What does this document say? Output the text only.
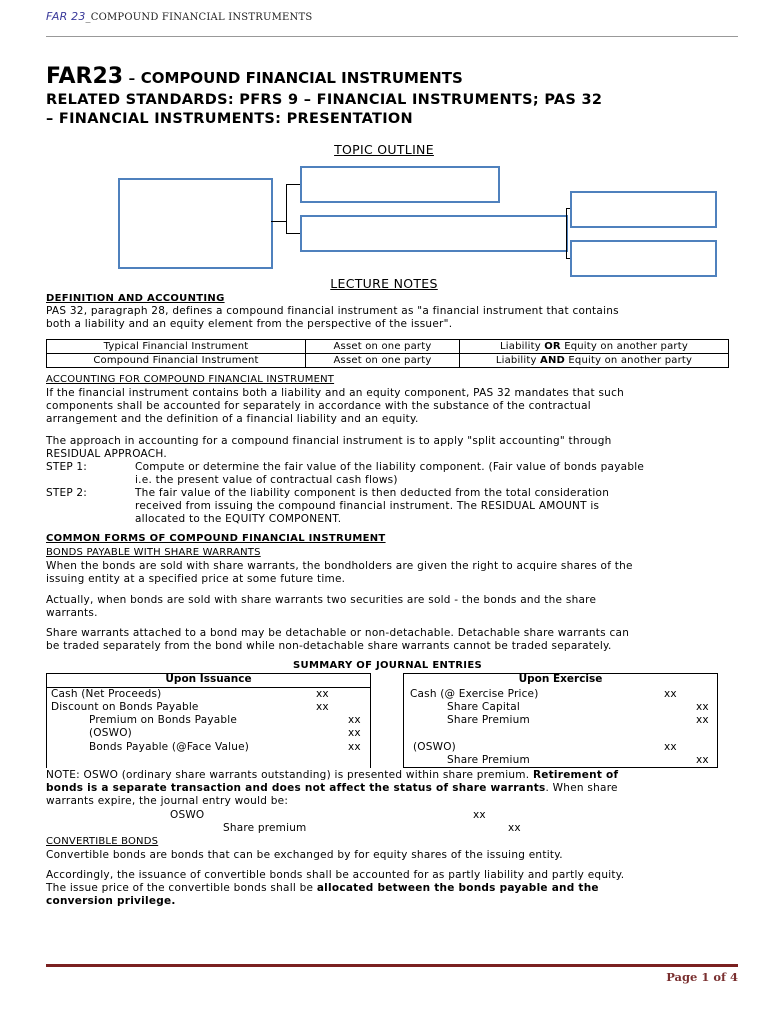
FAR 23_COMPOUND FINANCIAL INSTRUMENTS
FAR23 – COMPOUND FINANCIAL INSTRUMENTS
RELATED STANDARDS: PFRS 9 – FINANCIAL INSTRUMENTS; PAS 32
– FINANCIAL INSTRUMENTS: PRESENTATION
TOPIC OUTLINE
LECTURE NOTES
DEFINITION AND ACCOUNTING
PAS 32, paragraph 28, defines a compound financial instrument as "a financial instrument that contains
both a liability and an equity element from the perspective of the issuer".
Typical Financial Instrument	Asset on one party	Liability OR Equity on another party
Compound Financial Instrument	Asset on one party	Liability AND Equity on another party
ACCOUNTING FOR COMPOUND FINANCIAL INSTRUMENT
If the financial instrument contains both a liability and an equity component, PAS 32 mandates that such
components shall be accounted for separately in accordance with the substance of the contractual
arrangement and the definition of a financial liability and an equity.
The approach in accounting for a compound financial instrument is to apply "split accounting" through
RESIDUAL APPROACH.
STEP 1:	Compute or determine the fair value of the liability component. (Fair value of bonds payable
i.e. the present value of contractual cash flows)
STEP 2:	The fair value of the liability component is then deducted from the total consideration
received from issuing the compound financial instrument. The RESIDUAL AMOUNT is
allocated to the EQUITY COMPONENT.
COMMON FORMS OF COMPOUND FINANCIAL INSTRUMENT
BONDS PAYABLE WITH SHARE WARRANTS
When the bonds are sold with share warrants, the bondholders are given the right to acquire shares of the
issuing entity at a specified price at some future time.
Actually, when bonds are sold with share warrants two securities are sold - the bonds and the share
warrants.
Share warrants attached to a bond may be detachable or non-detachable. Detachable share warrants can
be traded separately from the bond while non-detachable share warrants cannot be traded separately.
SUMMARY OF JOURNAL ENTRIES
Upon Issuance
Cash (Net Proceeds)	xx
Discount on Bonds Payable	xx
Premium on Bonds Payable	xx
(OSWO)	xx
Bonds Payable (@Face Value)	xx
Upon Exercise
Cash (@ Exercise Price)	xx
Share Capital	xx
Share Premium	xx
(OSWO)	xx
Share Premium	xx
NOTE: OSWO (ordinary share warrants outstanding) is presented within share premium. Retirement of
bonds is a separate transaction and does not affect the status of share warrants. When share
warrants expire, the journal entry would be:
OSWO	xx
Share premium	xx
CONVERTIBLE BONDS
Convertible bonds are bonds that can be exchanged by for equity shares of the issuing entity.
Accordingly, the issuance of convertible bonds shall be accounted for as partly liability and partly equity.
The issue price of the convertible bonds shall be allocated between the bonds payable and the
conversion privilege.
Page 1 of 4
